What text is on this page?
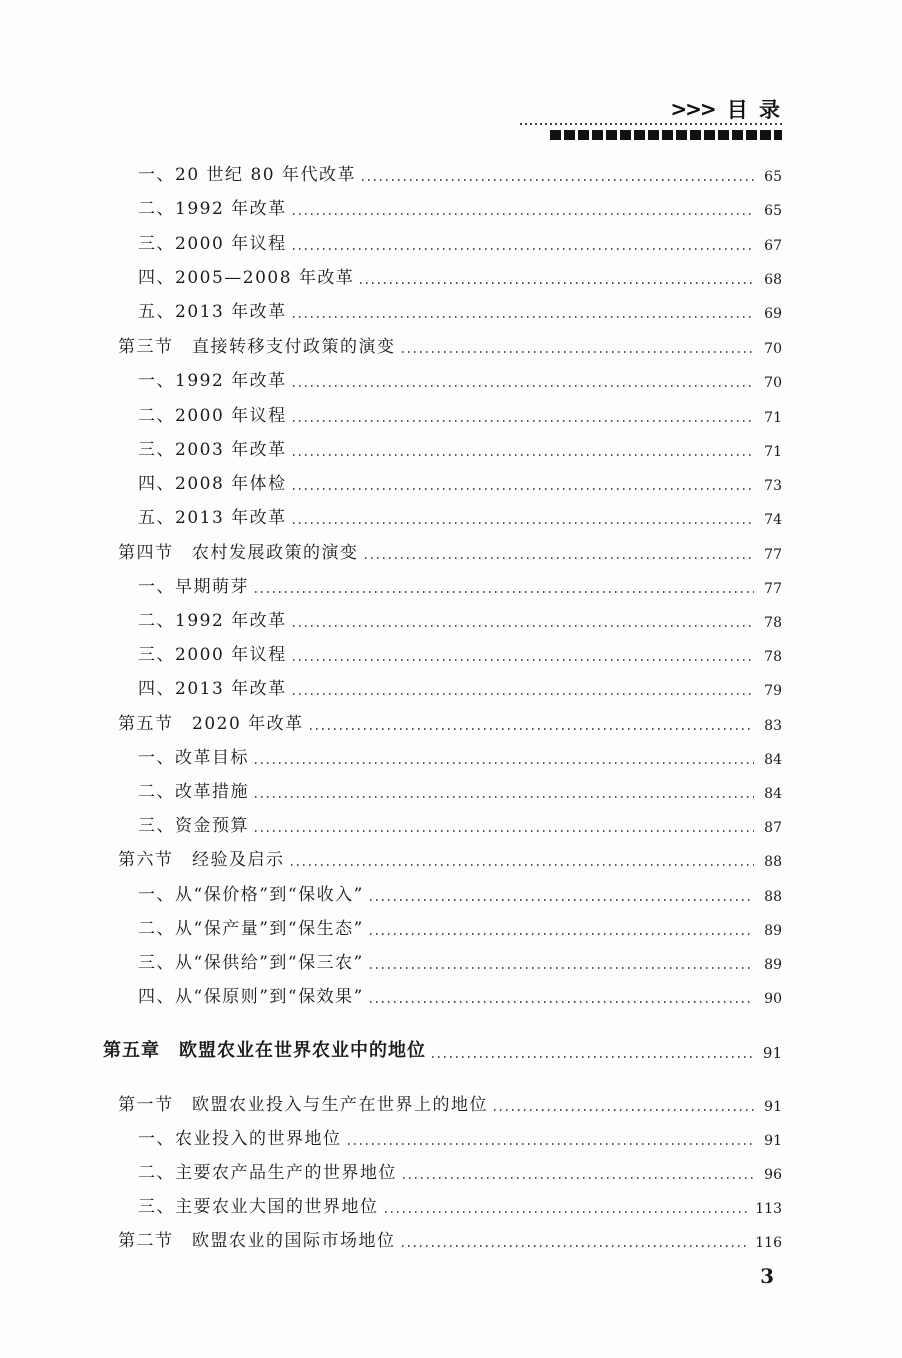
>>> 目 录
一、20 世纪 80 年代改革	65
二、1992 年改革	65
三、2000 年议程	67
四、2005—2008 年改革	68
五、2013 年改革	69
第三节　直接转移支付政策的演变	70
一、1992 年改革	70
二、2000 年议程	71
三、2003 年改革	71
四、2008 年体检	73
五、2013 年改革	74
第四节　农村发展政策的演变	77
一、早期萌芽	77
二、1992 年改革	78
三、2000 年议程	78
四、2013 年改革	79
第五节　2020 年改革	83
一、改革目标	84
二、改革措施	84
三、资金预算	87
第六节　经验及启示	88
一、从“保价格”到“保收入”	88
二、从“保产量”到“保生态”	89
三、从“保供给”到“保三农”	89
四、从“保原则”到“保效果”	90
第五章　欧盟农业在世界农业中的地位	91
第一节　欧盟农业投入与生产在世界上的地位	91
一、农业投入的世界地位	91
二、主要农产品生产的世界地位	96
三、主要农业大国的世界地位	113
第二节　欧盟农业的国际市场地位	116
3
